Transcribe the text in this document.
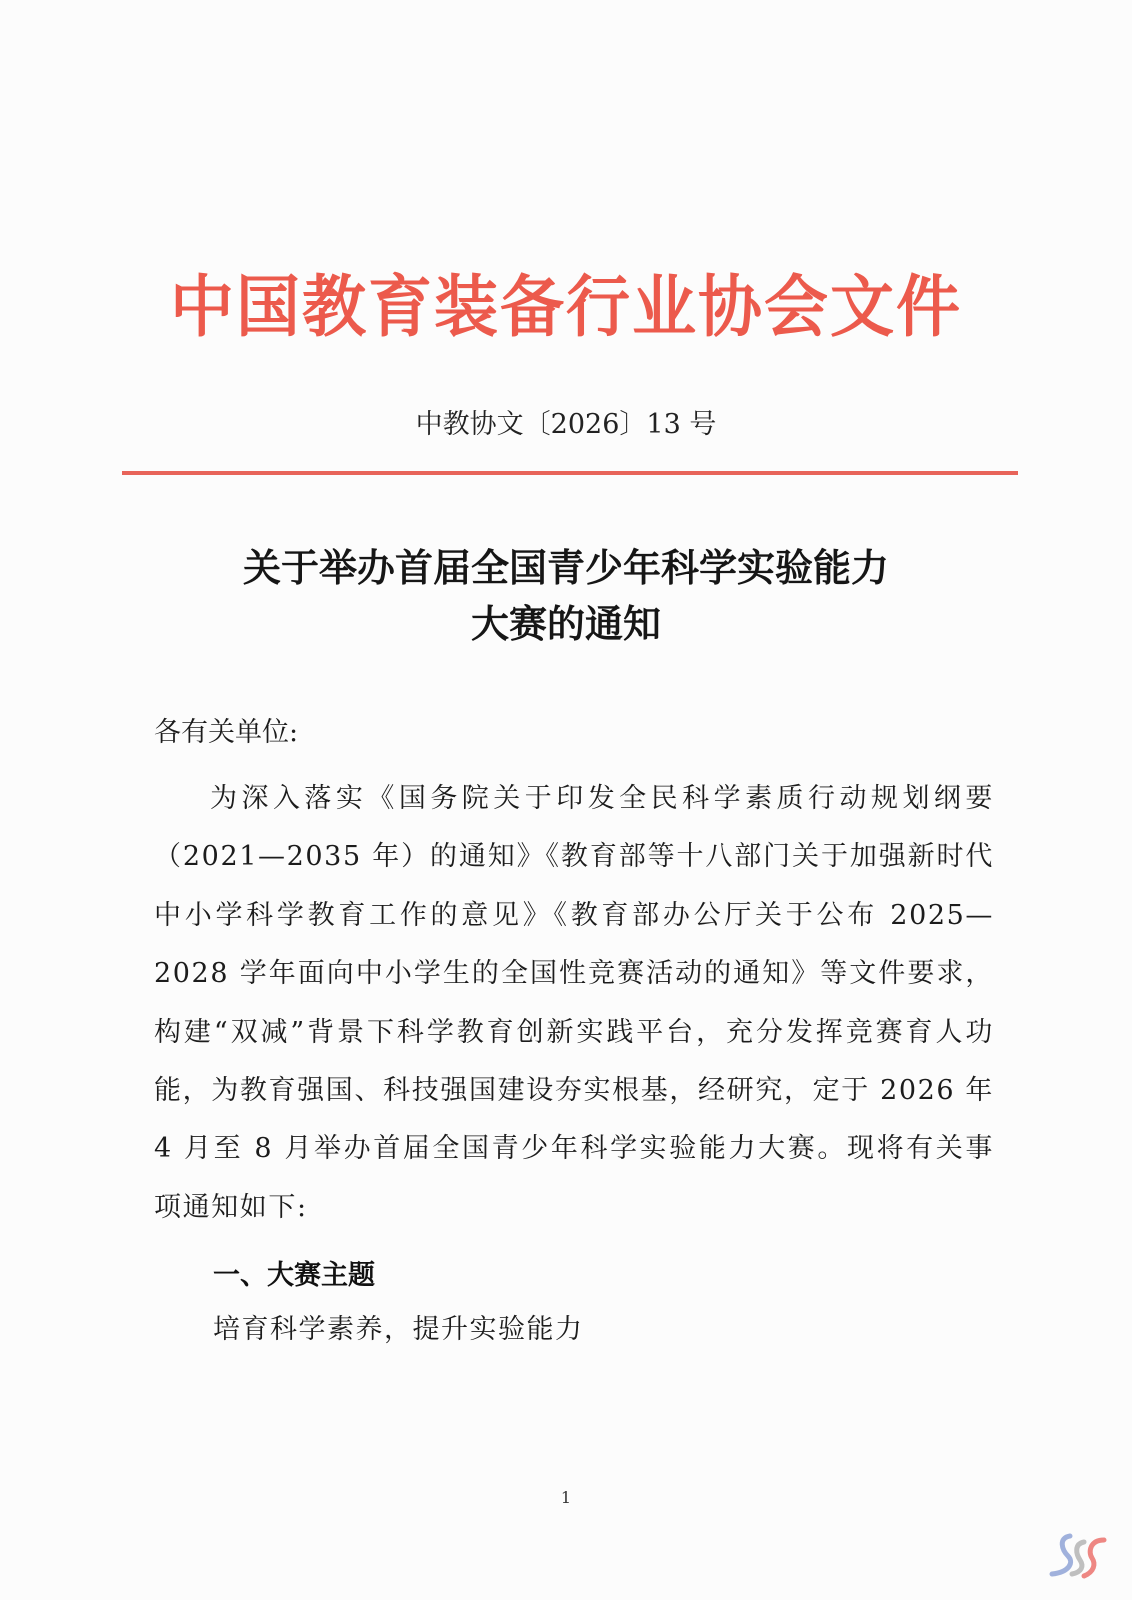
中国教育装备行业协会文件
中教协文〔2026〕13 号
关于举办首届全国青少年科学实验能力
大赛的通知
各有关单位:
为深入落实《国务院关于印发全民科学素质行动规划纲要（2021—2035 年）的通知》《教育部等十八部门关于加强新时代中小学科学教育工作的意见》《教育部办公厅关于公布 2025—2028 学年面向中小学生的全国性竞赛活动的通知》等文件要求，构建“双减”背景下科学教育创新实践平台，充分发挥竞赛育人功能，为教育强国、科技强国建设夯实根基，经研究，定于 2026 年 4 月至 8 月举办首届全国青少年科学实验能力大赛。现将有关事项通知如下:
一、大赛主题
培育科学素养，提升实验能力
1
